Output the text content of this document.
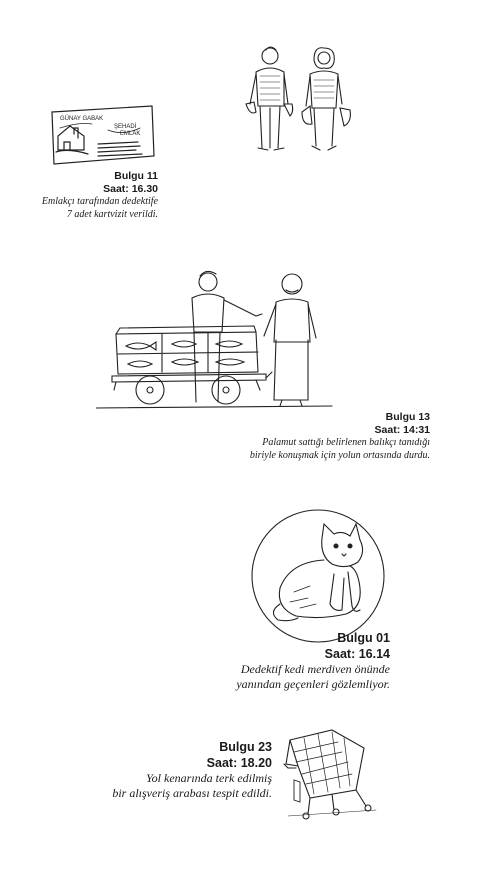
GÜNAY GABAK
ŞEHADİ
EMLAK
Bulgu 11
Saat: 16.30
Emlakçı tarafından dedektife
7 adet kartvizit verildi.
Bulgu 13
Saat: 14:31
Palamut sattığı belirlenen balıkçı tanıdığı
biriyle konuşmak için yolun ortasında durdu.
Bulgu 01
Saat: 16.14
Dedektif kedi merdiven önünde
yanından geçenleri gözlemliyor.
Bulgu 23
Saat: 18.20
Yol kenarında terk edilmiş
bir alışveriş arabası tespit edildi.
